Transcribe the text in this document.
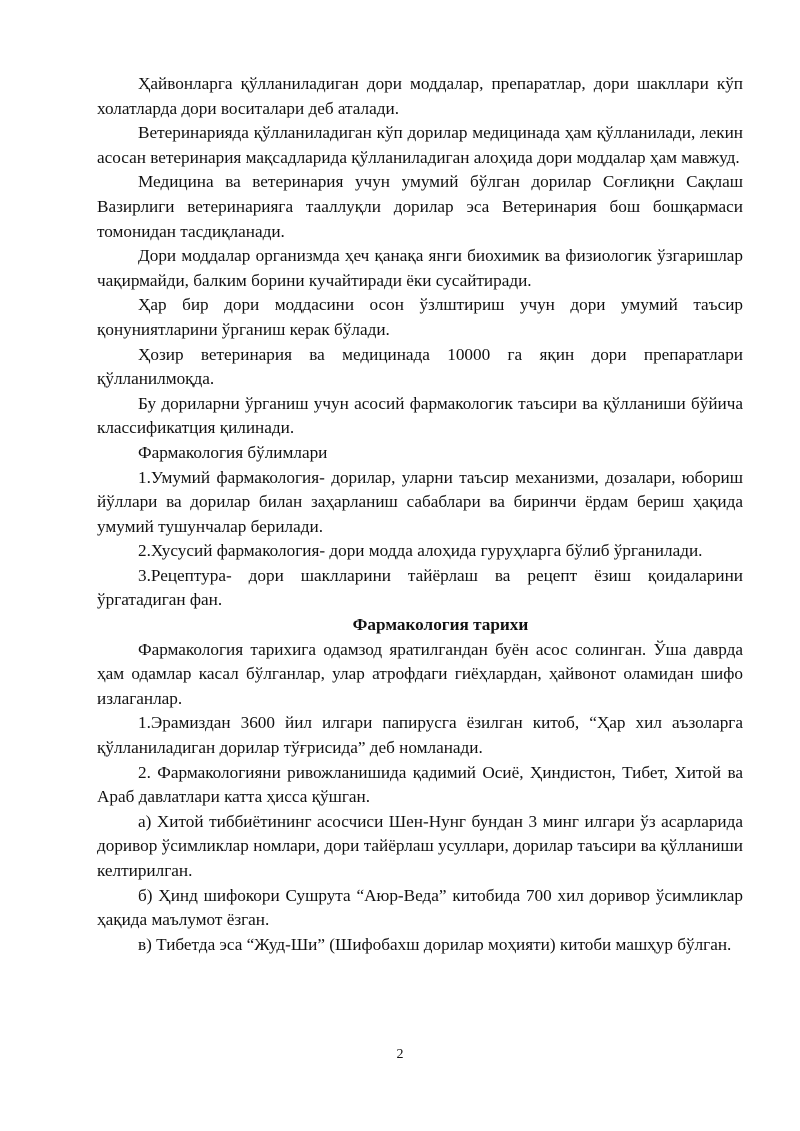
Ҳайвонларга қўлланиладиган дори моддалар, препаратлар, дори шакллари кўп холатларда дори воситалари деб аталади.

Ветеринарияда қўлланиладиган кўп дорилар медицинада ҳам қўлланилади, лекин асосан ветеринария мақсадларида қўлланиладиган алоҳида дори моддалар ҳам мавжуд.

Медицина ва ветеринария учун умумий бўлган дорилар Соғлиқни Сақлаш Вазирлиги ветеринарияга тааллуқли дорилар эса Ветеринария бош бошқармаси томонидан тасдиқланади.

Дори моддалар организмда ҳеч қанақа янги биохимик ва физиологик ўзгаришлар чақирмайди, балким борини кучайтиради ёки сусайтиради.

Ҳар бир дори моддасини осон ўзлштириш учун дори умумий таъсир қонуниятларини ўрганиш керак бўлади.

Ҳозир ветеринария ва медицинада 10000 га яқин дори препаратлари қўлланилмоқда.

Бу дориларни ўрганиш учун асосий фармакологик таъсири ва қўлланиши бўйича классификатция қилинади.

Фармакология бўлимлари

1.Умумий фармакология- дорилар, уларни таъсир механизми, дозалари, юбориш йўллари ва дорилар билан заҳарланиш сабаблари ва биринчи ёрдам бериш ҳақида умумий тушунчалар берилади.

2.Хусусий фармакология- дори модда алоҳида гуруҳларга бўлиб ўрганилади.

3.Рецептура- дори шаклларини тайёрлаш ва рецепт ёзиш қоидаларини ўргатадиган фан.

Фармакология тарихи

Фармакология тарихига одамзод яратилгандан буён асос солинган. Ўша даврда ҳам одамлар касал бўлганлар, улар атрофдаги гиёҳлардан, ҳайвонот оламидан шифо излаганлар.

1.Эрамиздан 3600 йил илгари папирусга ёзилган китоб, “Ҳар хил аъзоларга қўлланиладиган дорилар тўғрисида” деб номланади.

2. Фармакологияни ривожланишида қадимий Осиё, Ҳиндистон, Тибет, Хитой ва Араб давлатлари катта ҳисса қўшган.

а) Хитой тиббиётининг асосчиси Шен-Нунг бундан 3 минг илгари ўз асарларида доривор ўсимликлар номлари, дори тайёрлаш усуллари, дорилар таъсири ва қўлланиши келтирилган.

б) Ҳинд шифокори Сушрута “Аюр-Веда” китобида 700 хил доривор ўсимликлар ҳақида маълумот ёзган.

в) Тибетда эса “Жуд-Ши” (Шифобахш дорилар моҳияти) китоби машҳур бўлган.

2
